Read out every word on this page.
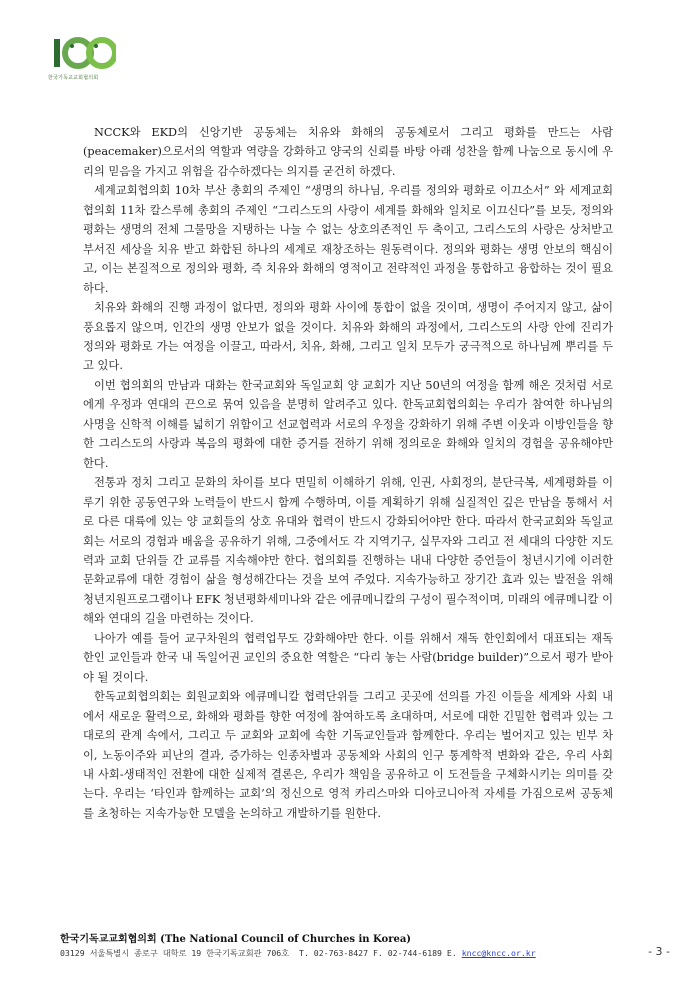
한국기독교교회협의회

NCCK와 EKD의 신앙기반 공동체는 치유와 화해의 공동체로서 그리고 평화를 만드는 사람(peacemaker)으로서의 역할과 역량을 강화하고 양국의 신뢰를 바탕 아래 성찬을 함께 나눔으로 동시에 우리의 믿음을 가지고 위험을 감수하겠다는 의지를 굳건히 하겠다.

세계교회협의회 10차 부산 총회의 주제인 “생명의 하나님, 우리를 정의와 평화로 이끄소서” 와 세계교회협의회 11차 칼스루헤 총회의 주제인 “그리스도의 사랑이 세계를 화해와 일치로 이끄신다”를 보듯, 정의와 평화는 생명의 전체 그물망을 지탱하는 나눌 수 없는 상호의존적인 두 축이고, 그리스도의 사랑은 상처받고 부서진 세상을 치유 받고 화합된 하나의 세계로 재창조하는 원동력이다. 정의와 평화는 생명 안보의 핵심이고, 이는 본질적으로 정의와 평화, 즉 치유와 화해의 영적이고 전략적인 과정을 통합하고 융합하는 것이 필요하다.

치유와 화해의 진행 과정이 없다면, 정의와 평화 사이에 통합이 없을 것이며, 생명이 주어지지 않고, 삶이 풍요롭지 않으며, 인간의 생명 안보가 없을 것이다. 치유와 화해의 과정에서, 그리스도의 사랑 안에 진리가 정의와 평화로 가는 여정을 이끌고, 따라서, 치유, 화해, 그리고 일치 모두가 궁극적으로 하나님께 뿌리를 두고 있다.

이번 협의회의 만남과 대화는 한국교회와 독일교회 양 교회가 지난 50년의 여정을 함께 해온 것처럼 서로에게 우정과 연대의 끈으로 묶여 있음을 분명히 알려주고 있다. 한독교회협의회는 우리가 참여한 하나님의 사명을 신학적 이해를 넓히기 위함이고 선교협력과 서로의 우정을 강화하기 위해 주변 이웃과 이방인들을 향한 그리스도의 사랑과 복음의 평화에 대한 증거를 전하기 위해 정의로운 화해와 일치의 경험을 공유해야만 한다.

전통과 정치 그리고 문화의 차이를 보다 면밀히 이해하기 위해, 인권, 사회정의, 분단극복, 세계평화를 이루기 위한 공동연구와 노력들이 반드시 함께 수행하며, 이를 계획하기 위해 실질적인 깊은 만남을 통해서 서로 다른 대륙에 있는 양 교회들의 상호 유대와 협력이 반드시 강화되어야만 한다. 따라서 한국교회와 독일교회는 서로의 경험과 배움을 공유하기 위해, 그중에서도 각 지역기구, 실무자와 그리고 전 세대의 다양한 지도력과 교회 단위들 간 교류를 지속해야만 한다. 협의회를 진행하는 내내 다양한 증언들이 청년시기에 이러한 문화교류에 대한 경험이 삶을 형성해간다는 것을 보여 주었다. 지속가능하고 장기간 효과 있는 발전을 위해 청년지원프로그램이나 EFK 청년평화세미나와 같은 에큐메니칼의 구성이 필수적이며, 미래의 에큐메니칼 이해와 연대의 길을 마련하는 것이다.

나아가 예를 들어 교구차원의 협력업무도 강화해야만 한다. 이를 위해서 재독 한인회에서 대표되는 재독 한인 교인들과 한국 내 독일어권 교인의 중요한 역할은 “다리 놓는 사람(bridge builder)”으로서 평가 받아야 될 것이다.

한독교회협의회는 회원교회와 에큐메니칼 협력단위들 그리고 곳곳에 선의를 가진 이들을 세계와 사회 내에서 새로운 활력으로, 화해와 평화를 향한 여정에 참여하도록 초대하며, 서로에 대한 긴밀한 협력과 있는 그대로의 관계 속에서, 그리고 두 교회와 교회에 속한 기독교인들과 함께한다. 우리는 벌어지고 있는 빈부 차이, 노동이주와 피난의 결과, 증가하는 인종차별과 공동체와 사회의 인구 통계학적 변화와 같은, 우리 사회 내 사회-생태적인 전환에 대한 실제적 결론은, 우리가 책임을 공유하고 이 도전들을 구체화시키는 의미를 갖는다. 우리는 ‘타인과 함께하는 교회’의 정신으로 영적 카리스마와 디아코니아적 자세를 가짐으로써 공동체를 초청하는 지속가능한 모델을 논의하고 개발하기를 원한다.

한국기독교교회협의회 (The National Council of Churches in Korea)
03129 서울특별시 종로구 대학로 19 한국기독교회관 706호 T. 02-763-8427 F. 02-744-6189 E. kncc@kncc.or.kr	- 3 -
